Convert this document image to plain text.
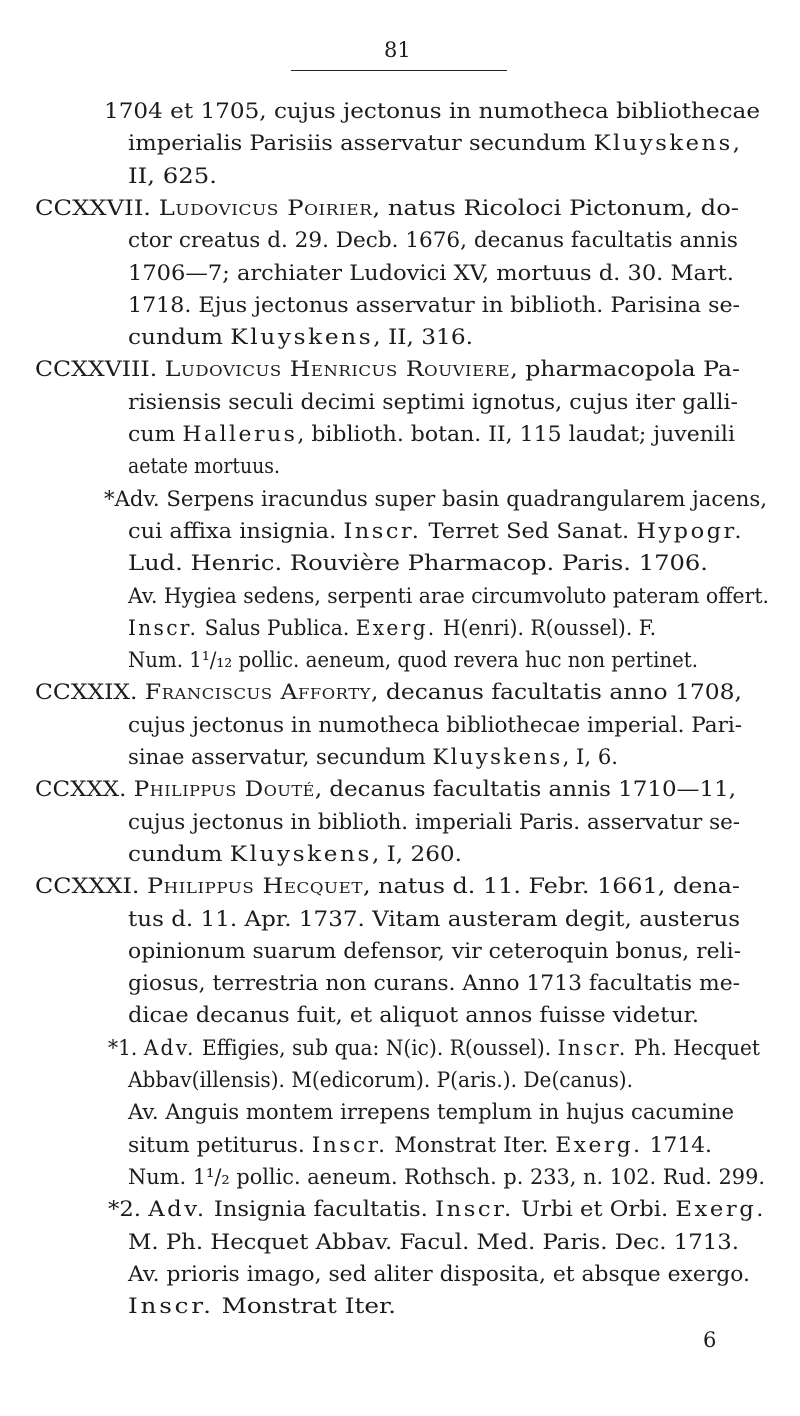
81
1704 et 1705, cujus jectonus in numotheca bibliothecae
imperialis Parisiis asservatur secundum Kluyskens,
II, 625.
CCXXVII. Ludovicus Poirier, natus Ricoloci Pictonum, do-
ctor creatus d. 29. Decb. 1676, decanus facultatis annis
1706—7; archiater Ludovici XV, mortuus d. 30. Mart.
1718. Ejus jectonus asservatur in biblioth. Parisina se-
cundum Kluyskens, II, 316.
CCXXVIII. Ludovicus Henricus Rouviere, pharmacopola Pa-
risiensis seculi decimi septimi ignotus, cujus iter galli-
cum Hallerus, biblioth. botan. II, 115 laudat; juvenili
aetate mortuus.
*Adv. Serpens iracundus super basin quadrangularem jacens,
cui affixa insignia. Inscr. Terret Sed Sanat. Hypogr.
Lud. Henric. Rouvière Pharmacop. Paris. 1706.
Av. Hygiea sedens, serpenti arae circumvoluto pateram offert.
Inscr. Salus Publica. Exerg. H(enri). R(oussel). F.
Num. 1¹/₁₂ pollic. aeneum, quod revera huc non pertinet.
CCXXIX. Franciscus Afforty, decanus facultatis anno 1708,
cujus jectonus in numotheca bibliothecae imperial. Pari-
sinae asservatur, secundum Kluyskens, I, 6.
CCXXX. Philippus Douté, decanus facultatis annis 1710—11,
cujus jectonus in biblioth. imperiali Paris. asservatur se-
cundum Kluyskens, I, 260.
CCXXXI. Philippus Hecquet, natus d. 11. Febr. 1661, dena-
tus d. 11. Apr. 1737. Vitam austeram degit, austerus
opinionum suarum defensor, vir ceteroquin bonus, reli-
giosus, terrestria non curans. Anno 1713 facultatis me-
dicae decanus fuit, et aliquot annos fuisse videtur.
*1. Adv. Effigies, sub qua: N(ic). R(oussel). Inscr. Ph. Hecquet
Abbav(illensis). M(edicorum). P(aris.). De(canus).
Av. Anguis montem irrepens templum in hujus cacumine
situm petiturus. Inscr. Monstrat Iter. Exerg. 1714.
Num. 1¹/₂ pollic. aeneum. Rothsch. p. 233, n. 102. Rud. 299.
*2. Adv. Insignia facultatis. Inscr. Urbi et Orbi. Exerg.
M. Ph. Hecquet Abbav. Facul. Med. Paris. Dec. 1713.
Av. prioris imago, sed aliter disposita, et absque exergo.
Inscr. Monstrat Iter.
6
